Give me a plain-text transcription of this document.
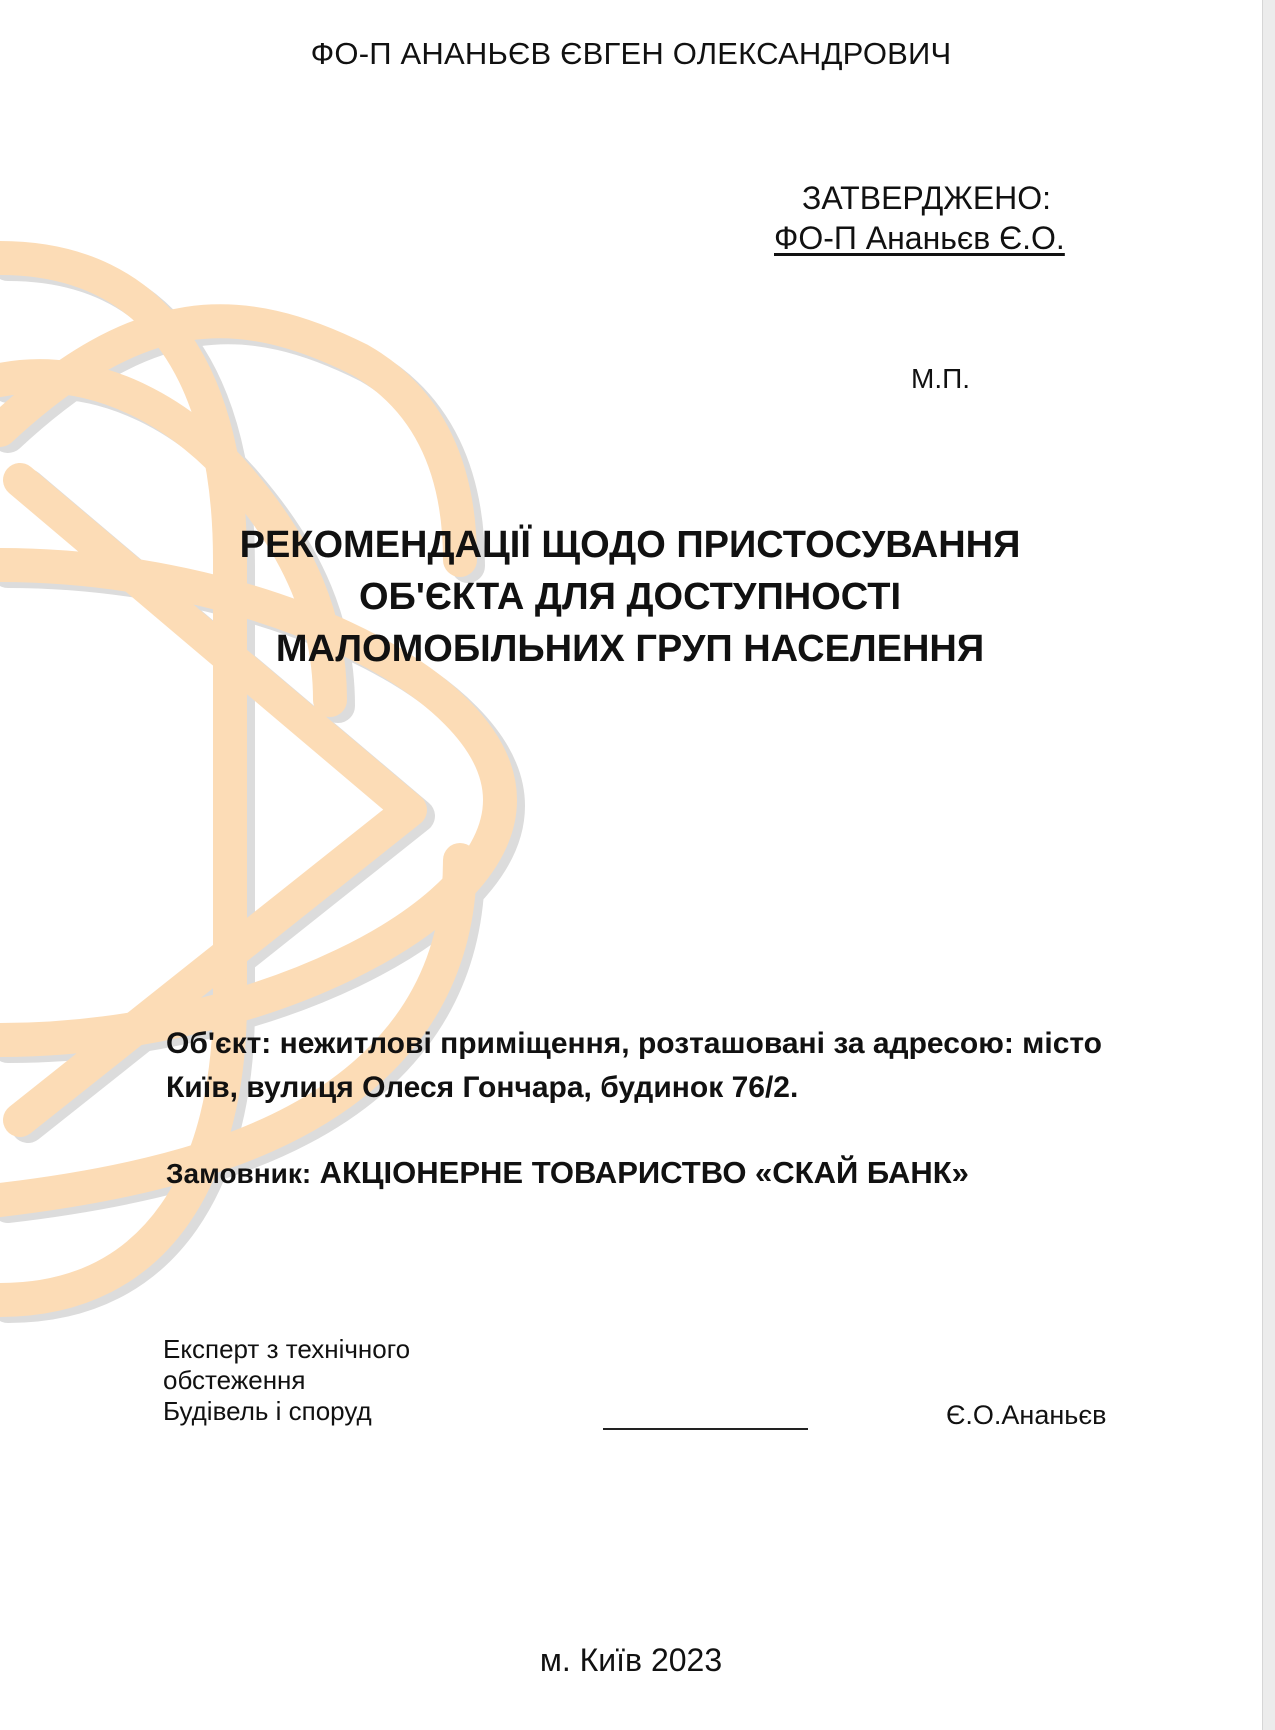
ФО-П АНАНЬЄВ ЄВГЕН ОЛЕКСАНДРОВИЧ
ЗАТВЕРДЖЕНО:
ФО-П Ананьєв Є.О.
М.П.
РЕКОМЕНДАЦІЇ ЩОДО ПРИСТОСУВАННЯ
ОБ'ЄКТА ДЛЯ ДОСТУПНОСТІ
МАЛОМОБІЛЬНИХ ГРУП НАСЕЛЕННЯ
Об'єкт: нежитлові приміщення, розташовані за адресою: місто
Київ, вулиця Олеся Гончара, будинок 76/2.
Замовник: АКЦІОНЕРНЕ ТОВАРИСТВО «СКАЙ БАНК»
Експерт з технічного
обстеження
Будівель і споруд	Є.О.Ананьєв
м. Київ 2023
